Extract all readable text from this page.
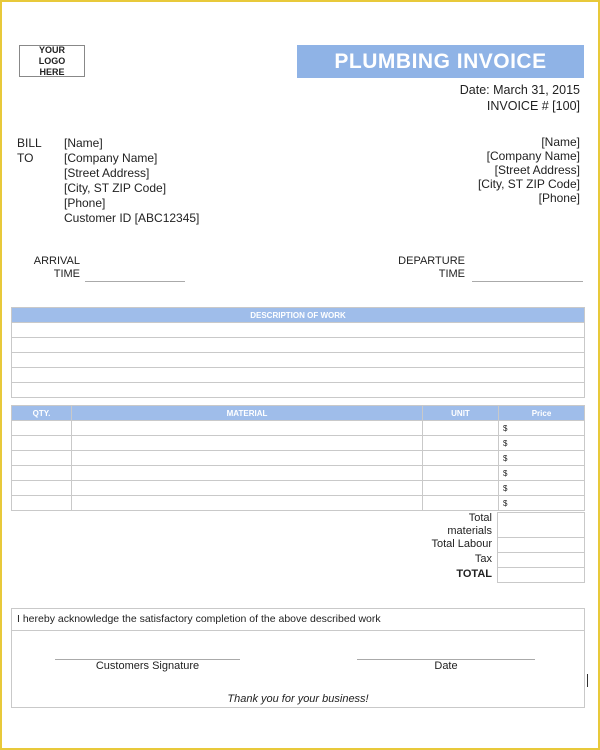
YOUR LOGO HERE	PLUMBING INVOICE
Date: March 31, 2015
INVOICE # [100]
BILL
TO
[Name]
[Company Name]
[Street Address]
[City, ST ZIP Code]
[Phone]
Customer ID [ABC12345]
[Name]
[Company Name]
[Street Address]
[City, ST ZIP Code]
[Phone]
ARRIVAL
TIME
DEPARTURE
TIME
DESCRIPTION OF WORK

QTY.	MATERIAL	UNIT	Price
			$
			$
			$
			$
			$
			$
Total
materials
Total Labour
Tax
TOTAL
I hereby acknowledge the satisfactory completion of the above described work
Customers Signature	Date
Thank you for your business!
